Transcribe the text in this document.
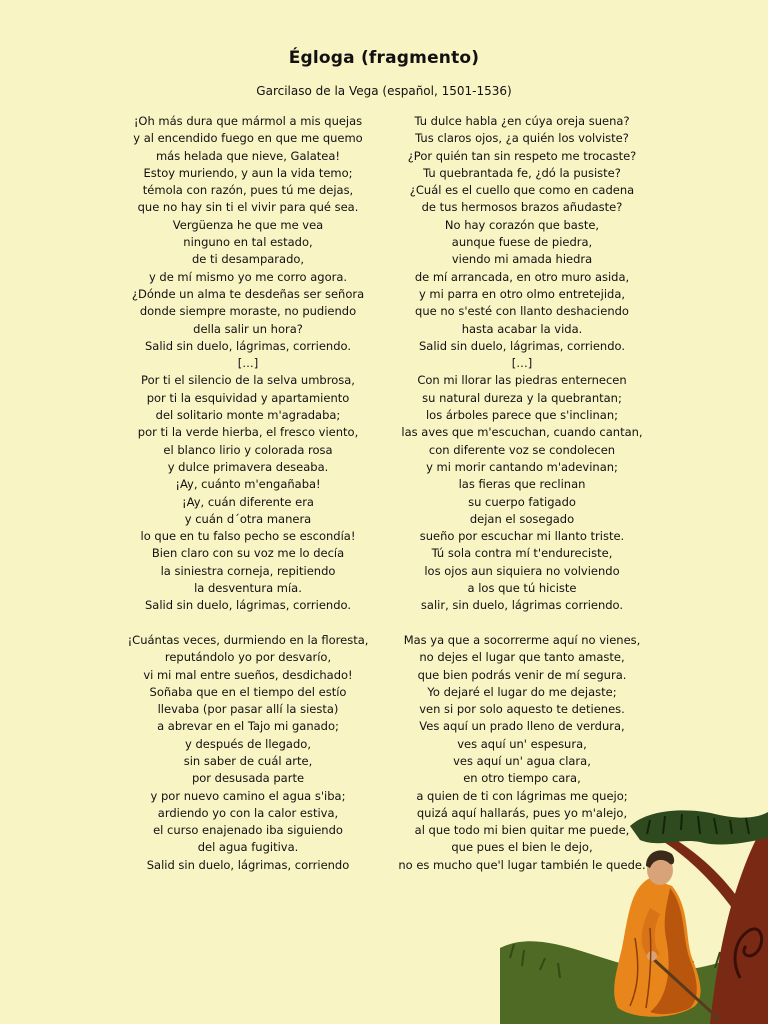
Égloga (fragmento)
Garcilaso de la Vega (español, 1501-1536)
¡Oh más dura que mármol a mis quejas
y al encendido fuego en que me quemo
más helada que nieve, Galatea!
Estoy muriendo, y aun la vida temo;
témola con razón, pues tú me dejas,
que no hay sin ti el vivir para qué sea.
Vergüenza he que me vea
ninguno en tal estado,
de ti desamparado,
y de mí mismo yo me corro agora.
¿Dónde un alma te desdeñas ser señora
donde siempre moraste, no pudiendo
della salir un hora?
Salid sin duelo, lágrimas, corriendo.
[…]
Por ti el silencio de la selva umbrosa,
por ti la esquividad y apartamiento
del solitario monte m'agradaba;
por ti la verde hierba, el fresco viento,
el blanco lirio y colorada rosa
y dulce primavera deseaba.
¡Ay, cuánto m'engañaba!
¡Ay, cuán diferente era
y cuán d´otra manera
lo que en tu falso pecho se escondía!
Bien claro con su voz me lo decía
la siniestra corneja, repitiendo
la desventura mía.
Salid sin duelo, lágrimas, corriendo.
¡Cuántas veces, durmiendo en la floresta,
reputándolo yo por desvarío,
vi mi mal entre sueños, desdichado!
Soñaba que en el tiempo del estío
llevaba (por pasar allí la siesta)
a abrevar en el Tajo mi ganado;
y después de llegado,
sin saber de cuál arte,
por desusada parte
y por nuevo camino el agua s'iba;
ardiendo yo con la calor estiva,
el curso enajenado iba siguiendo
del agua fugitiva.
Salid sin duelo, lágrimas, corriendo
Tu dulce habla ¿en cúya oreja suena?
Tus claros ojos, ¿a quién los volviste?
¿Por quién tan sin respeto me trocaste?
Tu quebrantada fe, ¿dó la pusiste?
¿Cuál es el cuello que como en cadena
de tus hermosos brazos añudaste?
No hay corazón que baste,
aunque fuese de piedra,
viendo mi amada hiedra
de mí arrancada, en otro muro asida,
y mi parra en otro olmo entretejida,
que no s'esté con llanto deshaciendo
hasta acabar la vida.
Salid sin duelo, lágrimas, corriendo.
[…]
Con mi llorar las piedras enternecen
su natural dureza y la quebrantan;
los árboles parece que s'inclinan;
las aves que m'escuchan, cuando cantan,
con diferente voz se condolecen
y mi morir cantando m'adevinan;
las fieras que reclinan
su cuerpo fatigado
dejan el sosegado
sueño por escuchar mi llanto triste.
Tú sola contra mí t'endureciste,
los ojos aun siquiera no volviendo
a los que tú hiciste
salir, sin duelo, lágrimas corriendo.
Mas ya que a socorrerme aquí no vienes,
no dejes el lugar que tanto amaste,
que bien podrás venir de mí segura.
Yo dejaré el lugar do me dejaste;
ven si por solo aquesto te detienes.
Ves aquí un prado lleno de verdura,
ves aquí un' espesura,
ves aquí un' agua clara,
en otro tiempo cara,
a quien de ti con lágrimas me quejo;
quizá aquí hallarás, pues yo m'alejo,
al que todo mi bien quitar me puede,
que pues el bien le dejo,
no es mucho que'l lugar también le quede.
